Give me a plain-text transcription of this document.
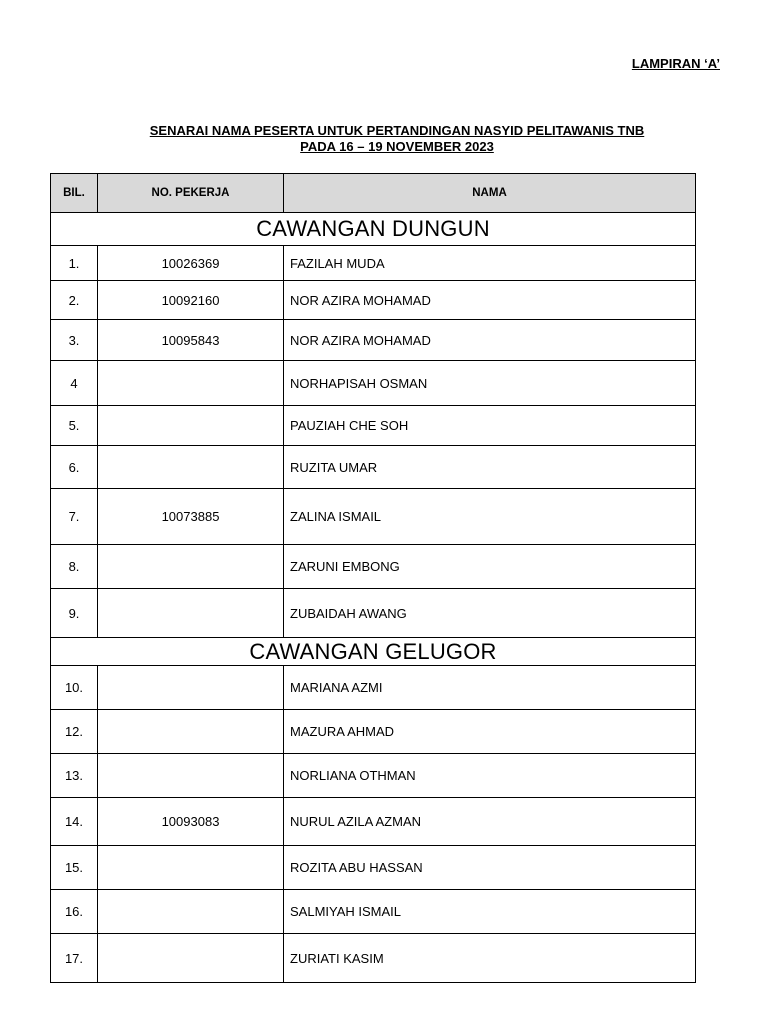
LAMPIRAN ‘A’
SENARAI NAMA PESERTA UNTUK PERTANDINGAN NASYID PELITAWANIS TNB
PADA 16 – 19 NOVEMBER 2023
BIL.	NO. PEKERJA	NAMA
CAWANGAN DUNGUN		
1.	10026369	FAZILAH MUDA
2.	10092160	NOR AZIRA MOHAMAD
3.	10095843	NOR AZIRA MOHAMAD
4		NORHAPISAH OSMAN
5.		PAUZIAH CHE SOH
6.		RUZITA UMAR
7.	10073885	ZALINA ISMAIL
8.		ZARUNI EMBONG
9.		ZUBAIDAH AWANG
CAWANGAN GELUGOR		
10.		MARIANA AZMI
12.		MAZURA AHMAD
13.		NORLIANA OTHMAN
14.	10093083	NURUL AZILA AZMAN
15.		ROZITA ABU HASSAN
16.		SALMIYAH ISMAIL
17.		ZURIATI KASIM
